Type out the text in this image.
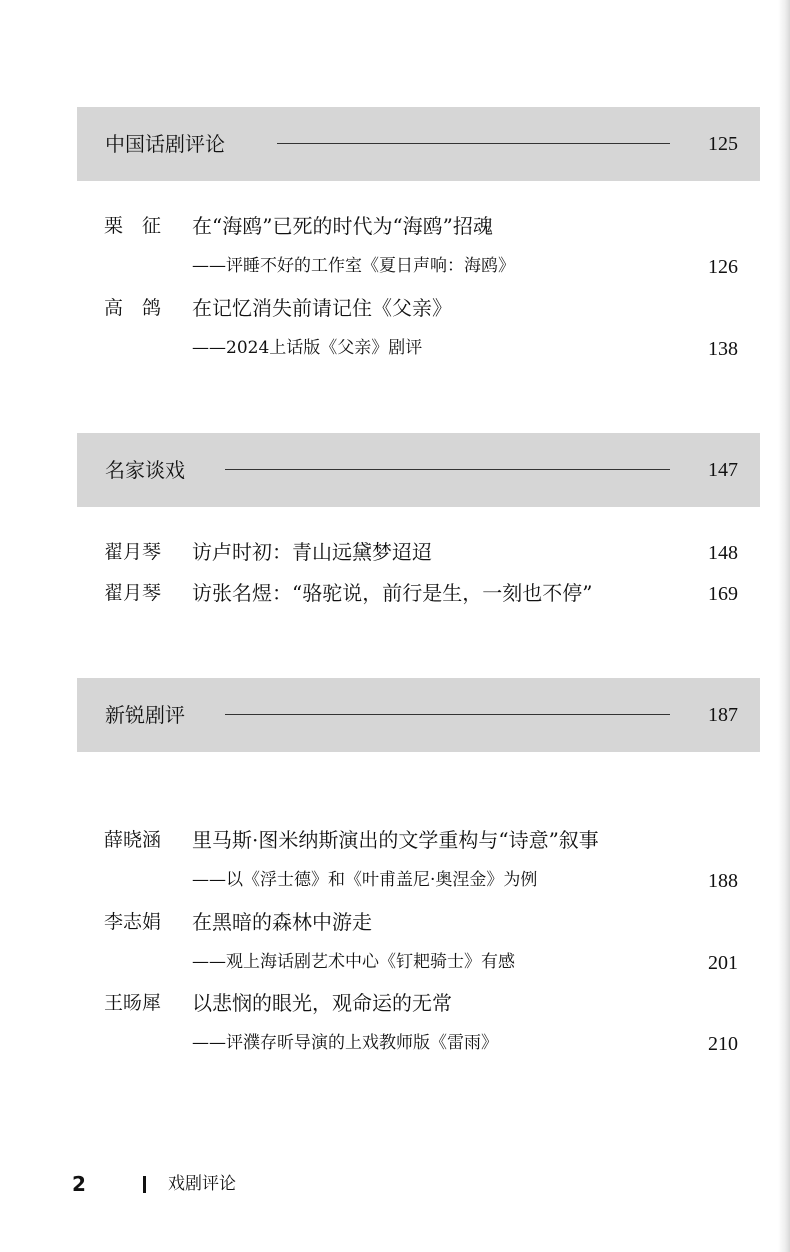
中国话剧评论	125
栗　征 在“海鸥”已死的时代为“海鸥”招魂
——评睡不好的工作室《夏日声响：海鸥》	126
高　鸽 在记忆消失前请记住《父亲》
——2024上话版《父亲》剧评	138
名家谈戏	147
翟月琴 访卢时初：青山远黛梦迢迢	148
翟月琴 访张名煜：“骆驼说，前行是生，一刻也不停”	169
新锐剧评	187
薛晓涵 里马斯·图米纳斯演出的文学重构与“诗意”叙事
——以《浮士德》和《叶甫盖尼·奥涅金》为例	188
李志娟 在黑暗的森林中游走
——观上海话剧艺术中心《钉耙骑士》有感	201
王旸犀 以悲悯的眼光，观命运的无常
——评濮存昕导演的上戏教师版《雷雨》	210
2	戏剧评论
